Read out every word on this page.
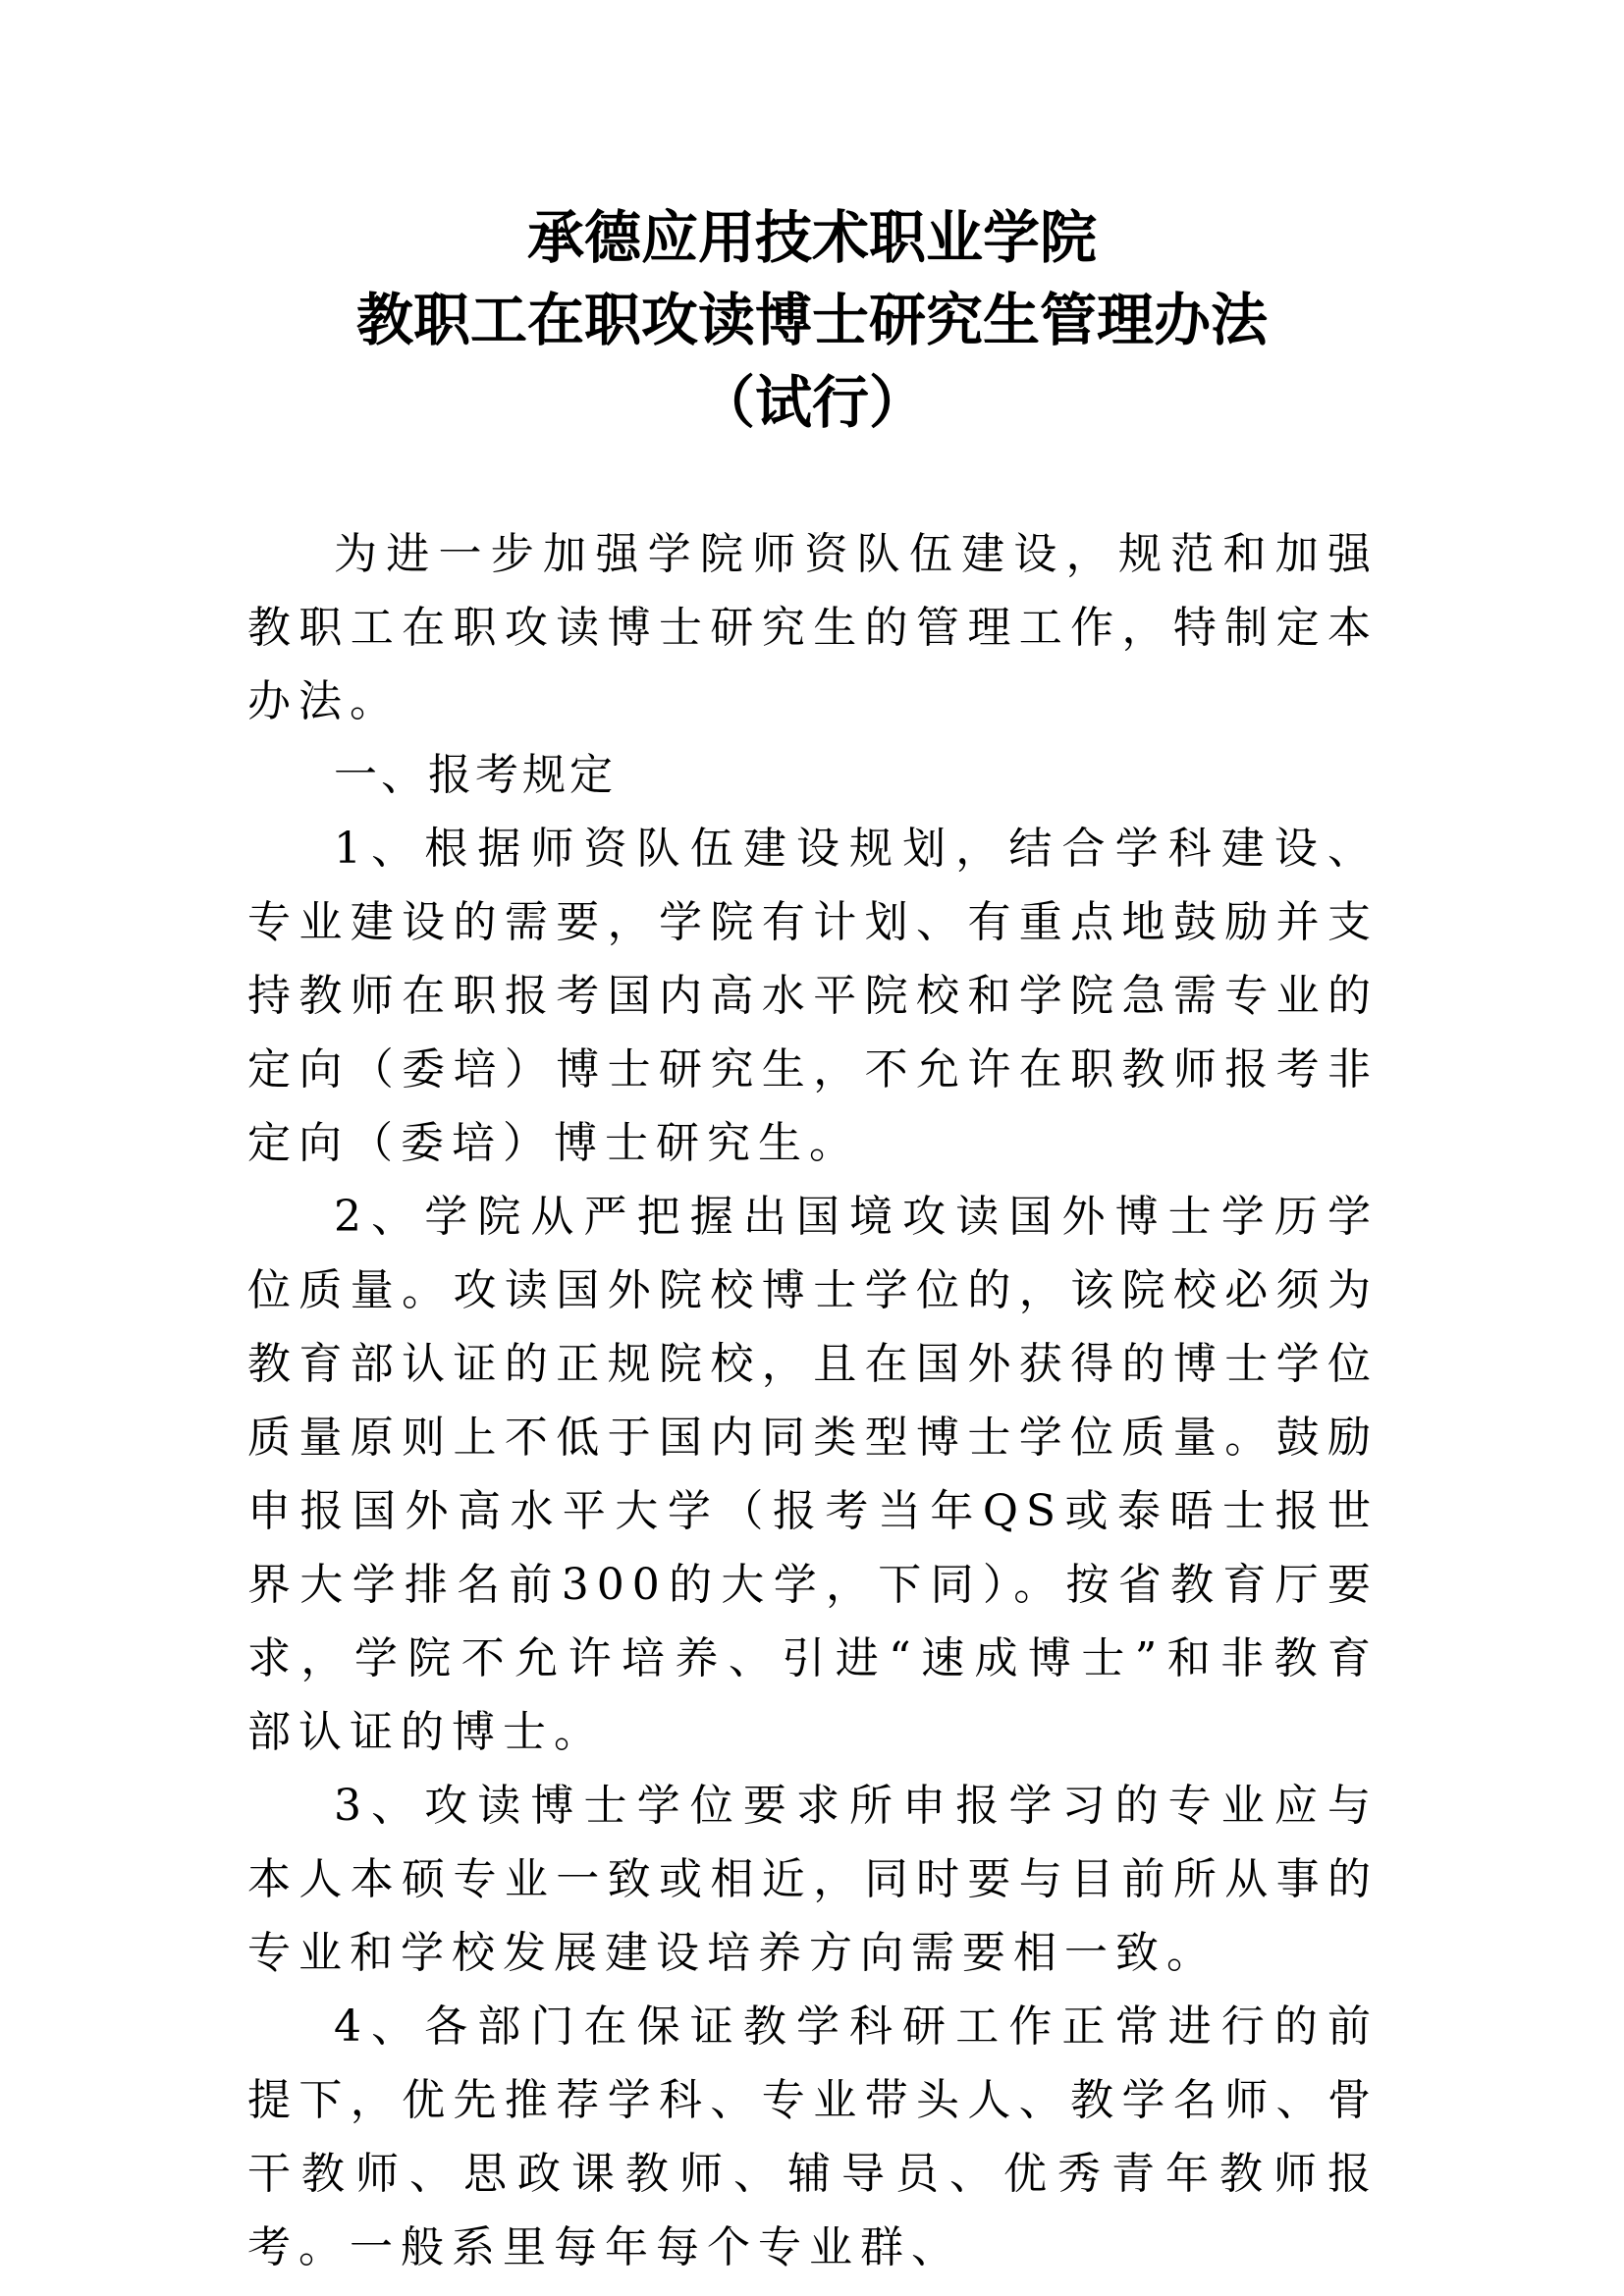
承德应用技术职业学院
教职工在职攻读博士研究生管理办法
（试行）

为进一步加强学院师资队伍建设，规范和加强教职工在职攻读博士研究生的管理工作，特制定本办法。

一、报考规定

1、根据师资队伍建设规划，结合学科建设、专业建设的需要，学院有计划、有重点地鼓励并支持教师在职报考国内高水平院校和学院急需专业的定向（委培）博士研究生，不允许在职教师报考非定向（委培）博士研究生。

2、学院从严把握出国境攻读国外博士学历学位质量。攻读国外院校博士学位的，该院校必须为教育部认证的正规院校，且在国外获得的博士学位质量原则上不低于国内同类型博士学位质量。鼓励申报国外高水平大学（报考当年QS或泰晤士报世界大学排名前300的大学，下同）。按省教育厅要求，学院不允许培养、引进“速成博士”和非教育部认证的博士。

3、攻读博士学位要求所申报学习的专业应与本人本硕专业一致或相近，同时要与目前所从事的专业和学校发展建设培养方向需要相一致。

4、各部门在保证教学科研工作正常进行的前提下，优先推荐学科、专业带头人、教学名师、骨干教师、思政课教师、辅导员、优秀青年教师报考。一般系里每年每个专业群、
